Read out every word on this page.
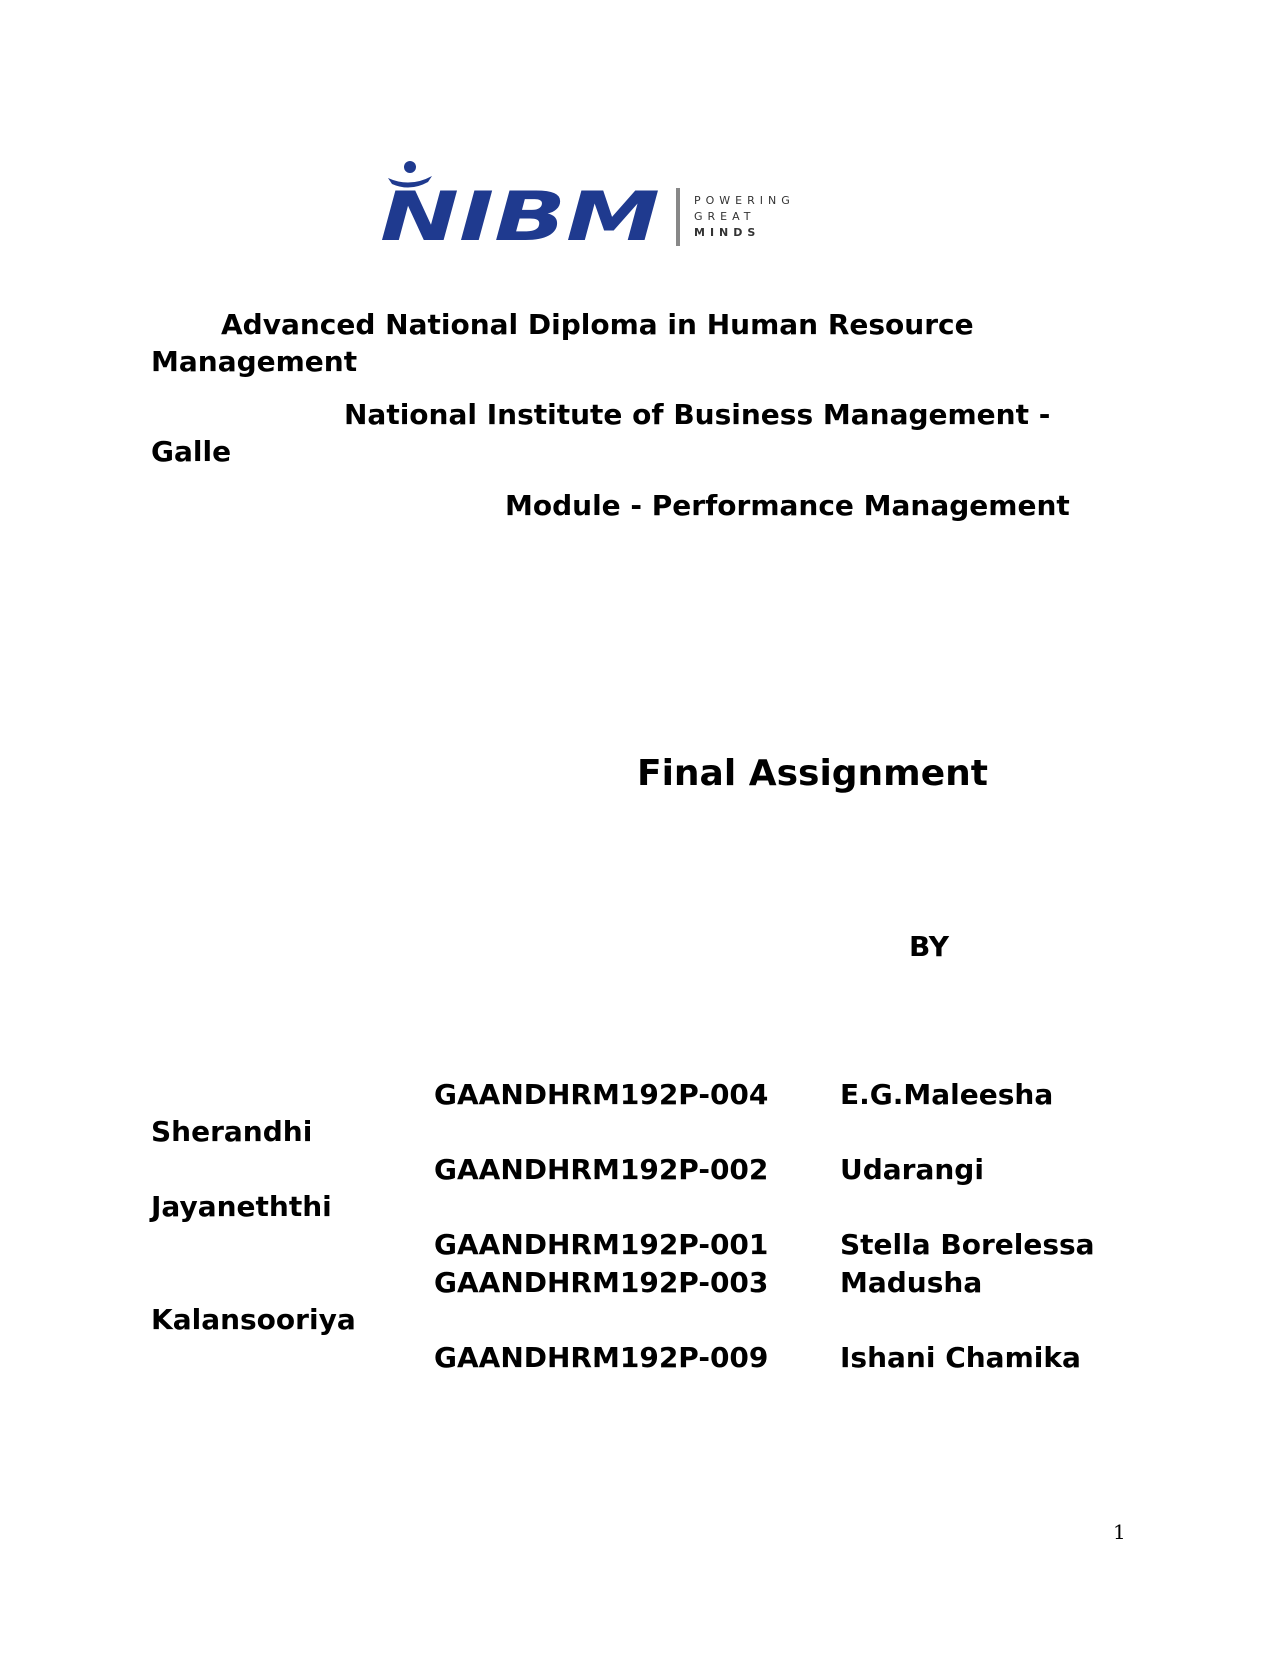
NIBM	POWERING
GREAT
MINDS

Advanced National Diploma in Human Resource Management

National Institute of Business Management - Galle

Module - Performance Management

Final Assignment
BY

GAANDHRM192P-004	E.G.Maleesha Sherandhi

GAANDHRM192P-002	Udarangi Jayaneththi

GAANDHRM192P-001	Stella Borelessa

GAANDHRM192P-003	Madusha Kalansooriya

GAANDHRM192P-009	Ishani Chamika

1
